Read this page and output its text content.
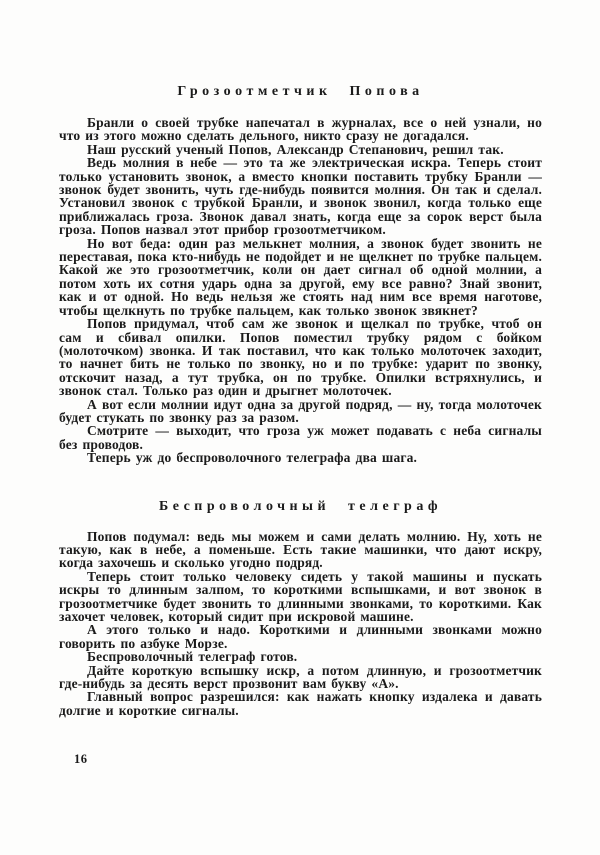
Грозоотметчик Попова

Бранли о своей трубке напечатал в журналах, все о ней узнали, но что из этого можно сделать дельного, никто сразу не догадался.

Наш русский ученый Попов, Александр Степанович, решил так.

Ведь молния в небе — это та же электрическая искра. Теперь стоит только установить звонок, а вместо кнопки поставить трубку Бранли — звонок будет звонить, чуть где-нибудь появится молния. Он так и сделал. Установил звонок с трубкой Бранли, и звонок звонил, когда только еще приближалась гроза. Звонок давал знать, когда еще за сорок верст была гроза. Попов назвал этот прибор грозоотметчиком.

Но вот беда: один раз мелькнет молния, а звонок будет звонить не переставая, пока кто-нибудь не подойдет и не щелкнет по трубке пальцем. Какой же это грозоотметчик, коли он дает сигнал об одной молнии, а потом хоть их сотня ударь одна за другой, ему все равно? Знай звонит, как и от одной. Но ведь нельзя же стоять над ним все время наготове, чтобы щелкнуть по трубке пальцем, как только звонок звякнет?

Попов придумал, чтоб сам же звонок и щелкал по трубке, чтоб он сам и сбивал опилки. Попов поместил трубку рядом с бойком (молоточком) звонка. И так поставил, что как только молоточек заходит, то начнет бить не только по звонку, но и по трубке: ударит по звонку, отскочит назад, а тут трубка, он по трубке. Опилки встряхнулись, и звонок стал. Только раз один и дрыгнет молоточек.

А вот если молнии идут одна за другой подряд, — ну, тогда молоточек будет стукать по звонку раз за разом.

Смотрите — выходит, что гроза уж может подавать с неба сигналы без проводов.

Теперь уж до беспроволочного телеграфа два шага.

Беспроволочный телеграф

Попов подумал: ведь мы можем и сами делать молнию. Ну, хоть не такую, как в небе, а поменьше. Есть такие машинки, что дают искру, когда захочешь и сколько угодно подряд.

Теперь стоит только человеку сидеть у такой машины и пускать искры то длинным залпом, то короткими вспышками, и вот звонок в грозоотметчике будет звонить то длинными звонками, то короткими. Как захочет человек, который сидит при искровой машине.

А этого только и надо. Короткими и длинными звонками можно говорить по азбуке Морзе.

Беспроволочный телеграф готов.

Дайте короткую вспышку искр, а потом длинную, и грозоотметчик где-нибудь за десять верст прозвонит вам букву «А».

Главный вопрос разрешился: как нажать кнопку издалека и давать долгие и короткие сигналы.

16
